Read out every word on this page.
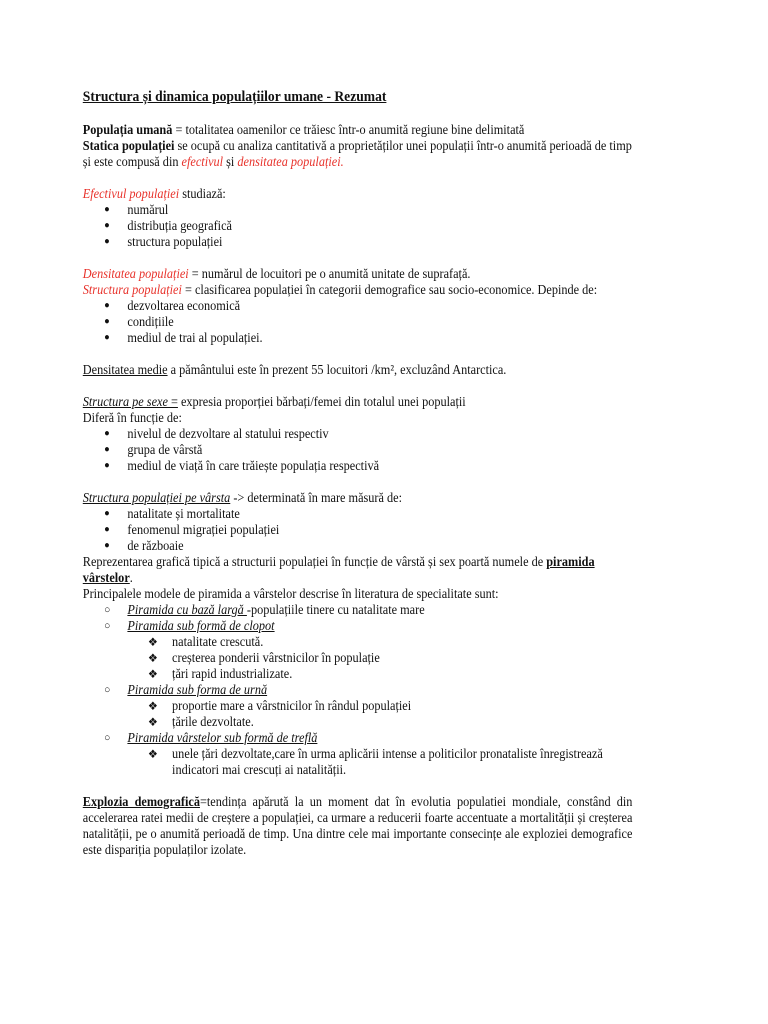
Structura și dinamica populațiilor umane - Rezumat

Populația umană = totalitatea oamenilor ce trăiesc într-o anumită regiune bine delimitată

Statica populației se ocupă cu analiza cantitativă a proprietăților unei populații într-o anumită perioadă de timp și este compusă din efectivul și densitatea populației.

Efectivul populației studiază:

● numărul
● distribuția geografică
● structura populației

Densitatea populației = numărul de locuitori pe o anumită unitate de suprafață.

Structura populației = clasificarea populației în categorii demografice sau socio-economice. Depinde de:

● dezvoltarea economică
● condițiile
● mediul de trai al populației.

Densitatea medie a pământului este în prezent 55 locuitori /km², excluzând Antarctica.

Structura pe sexe = expresia proporției bărbați/femei din totalul unei populații

Diferă în funcție de:

● nivelul de dezvoltare al statului respectiv
● grupa de vârstă
● mediul de viață în care trăiește populația respectivă

Structura populației pe vârsta -> determinată în mare măsură de:

● natalitate și mortalitate
● fenomenul migrației populației
● de războaie

Reprezentarea grafică tipică a structurii populației în funcție de vârstă și sex poartă numele de piramida vârstelor.

Principalele modele de piramida a vârstelor descrise în literatura de specialitate sunt:

○ Piramida cu bază largă -populațiile tinere cu natalitate mare
○ Piramida sub formă de clopot
❖ natalitate crescută.
❖ creșterea ponderii vârstnicilor în populație
❖ țări rapid industrializate.
○ Piramida sub forma de urnă
❖ proportie mare a vârstnicilor în rândul populației
❖ țările dezvoltate.
○ Piramida vârstelor sub formă de treflă
❖ unele țări dezvoltate,care în urma aplicării intense a politicilor pronataliste înregistrează indicatori mai crescuți ai natalității.

Explozia demografică=tendința apărută la un moment dat în evolutia populatiei mondiale, constând din accelerarea ratei medii de creștere a populației, ca urmare a reducerii foarte accentuate a mortalității și creșterea natalității, pe o anumită perioadă de timp. Una dintre cele mai importante consecințe ale exploziei demografice este dispariția populaților izolate.
